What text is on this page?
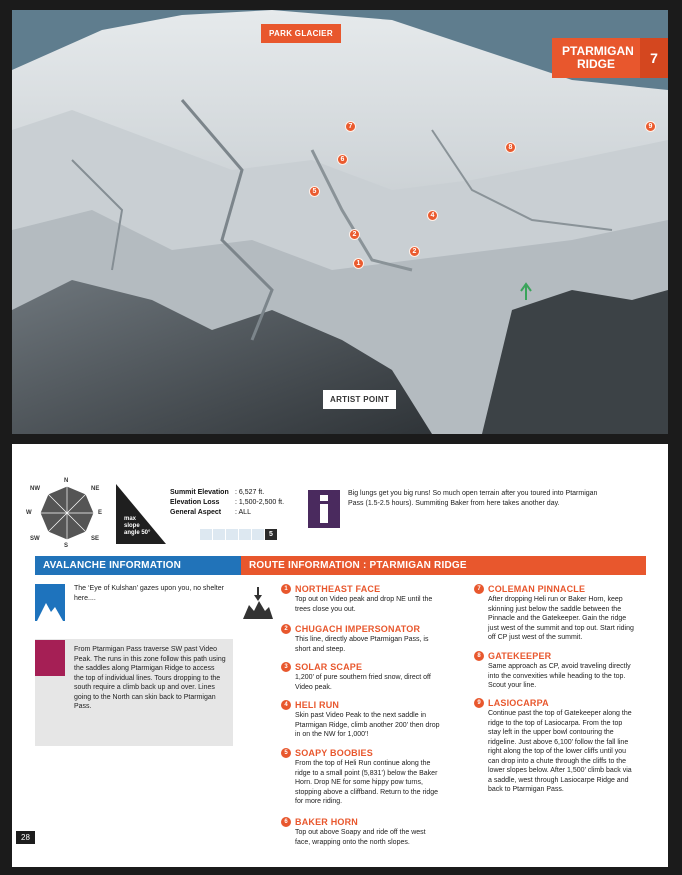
PARK GLACIER
ARTIST POINT
PTARMIGAN RIDGE	7
7
6
5
2
1
2
4
8
9
N
NE
E
SE
S
SW
W
NW
max
slope
angle 50°
Summit Elevation : 6,527 ft.
Elevation Loss	: 1,500-2,500 ft.
General Aspect	: ALL
5
Big lungs get you big runs! So much open terrain after you toured into Ptarmigan Pass (1.5-2.5 hours). Summiting Baker from here takes another day.
AVALANCHE INFORMATION	ROUTE INFORMATION : PTARMIGAN RIDGE
The ‘Eye of Kulshan’ gazes upon you, no shelter here....
From Ptarmigan Pass traverse SW past Video Peak. The runs in this zone follow this path using the saddles along Ptarmigan Ridge to access the top of individual lines. Tours dropping to the south require a climb back up and over. Lines going to the North can skin back to Ptarmigan Pass.
1 NORTHEAST FACE
Top out on Video peak and drop NE until the trees close you out.
2 CHUGACH IMPERSONATOR
This line, directly above Ptarmigan Pass, is short and steep.
3 SOLAR SCAPE
1,200’ of pure southern fried snow, direct off Video peak.
4 HELI RUN
Skin past Video Peak to the next saddle in Ptarmigan Ridge, climb another 200’ then drop in on the NW for 1,000’!
5 SOAPY BOOBIES
From the top of Heli Run continue along the ridge to a small point (5,831’) below the Baker Horn. Drop NE for some hippy pow turns, stopping above a cliffband. Return to the ridge for more riding.
6 BAKER HORN
Top out above Soapy and ride off the west face, wrapping onto the north slopes.
7 COLEMAN PINNACLE
After dropping Heli run or Baker Horn, keep skinning just below the saddle between the Pinnacle and the Gatekeeper. Gain the ridge just west of the summit and top out. Start riding off CP just west of the summit.
8 GATEKEEPER
Same approach as CP, avoid traveling directly into the convexities while heading to the top. Scout your line.
9 LASIOCARPA
Continue past the top of Gatekeeper along the ridge to the top of Lasiocarpa. From the top stay left in the upper bowl contouring the ridgeline. Just above 6,100’ follow the fall line right along the top of the lower cliffs until you can drop into a chute through the cliffs to the lower slopes below. After 1,500’ climb back via a saddle, west through Lasiocarpe Ridge and back to Ptarmigan Pass.
28
